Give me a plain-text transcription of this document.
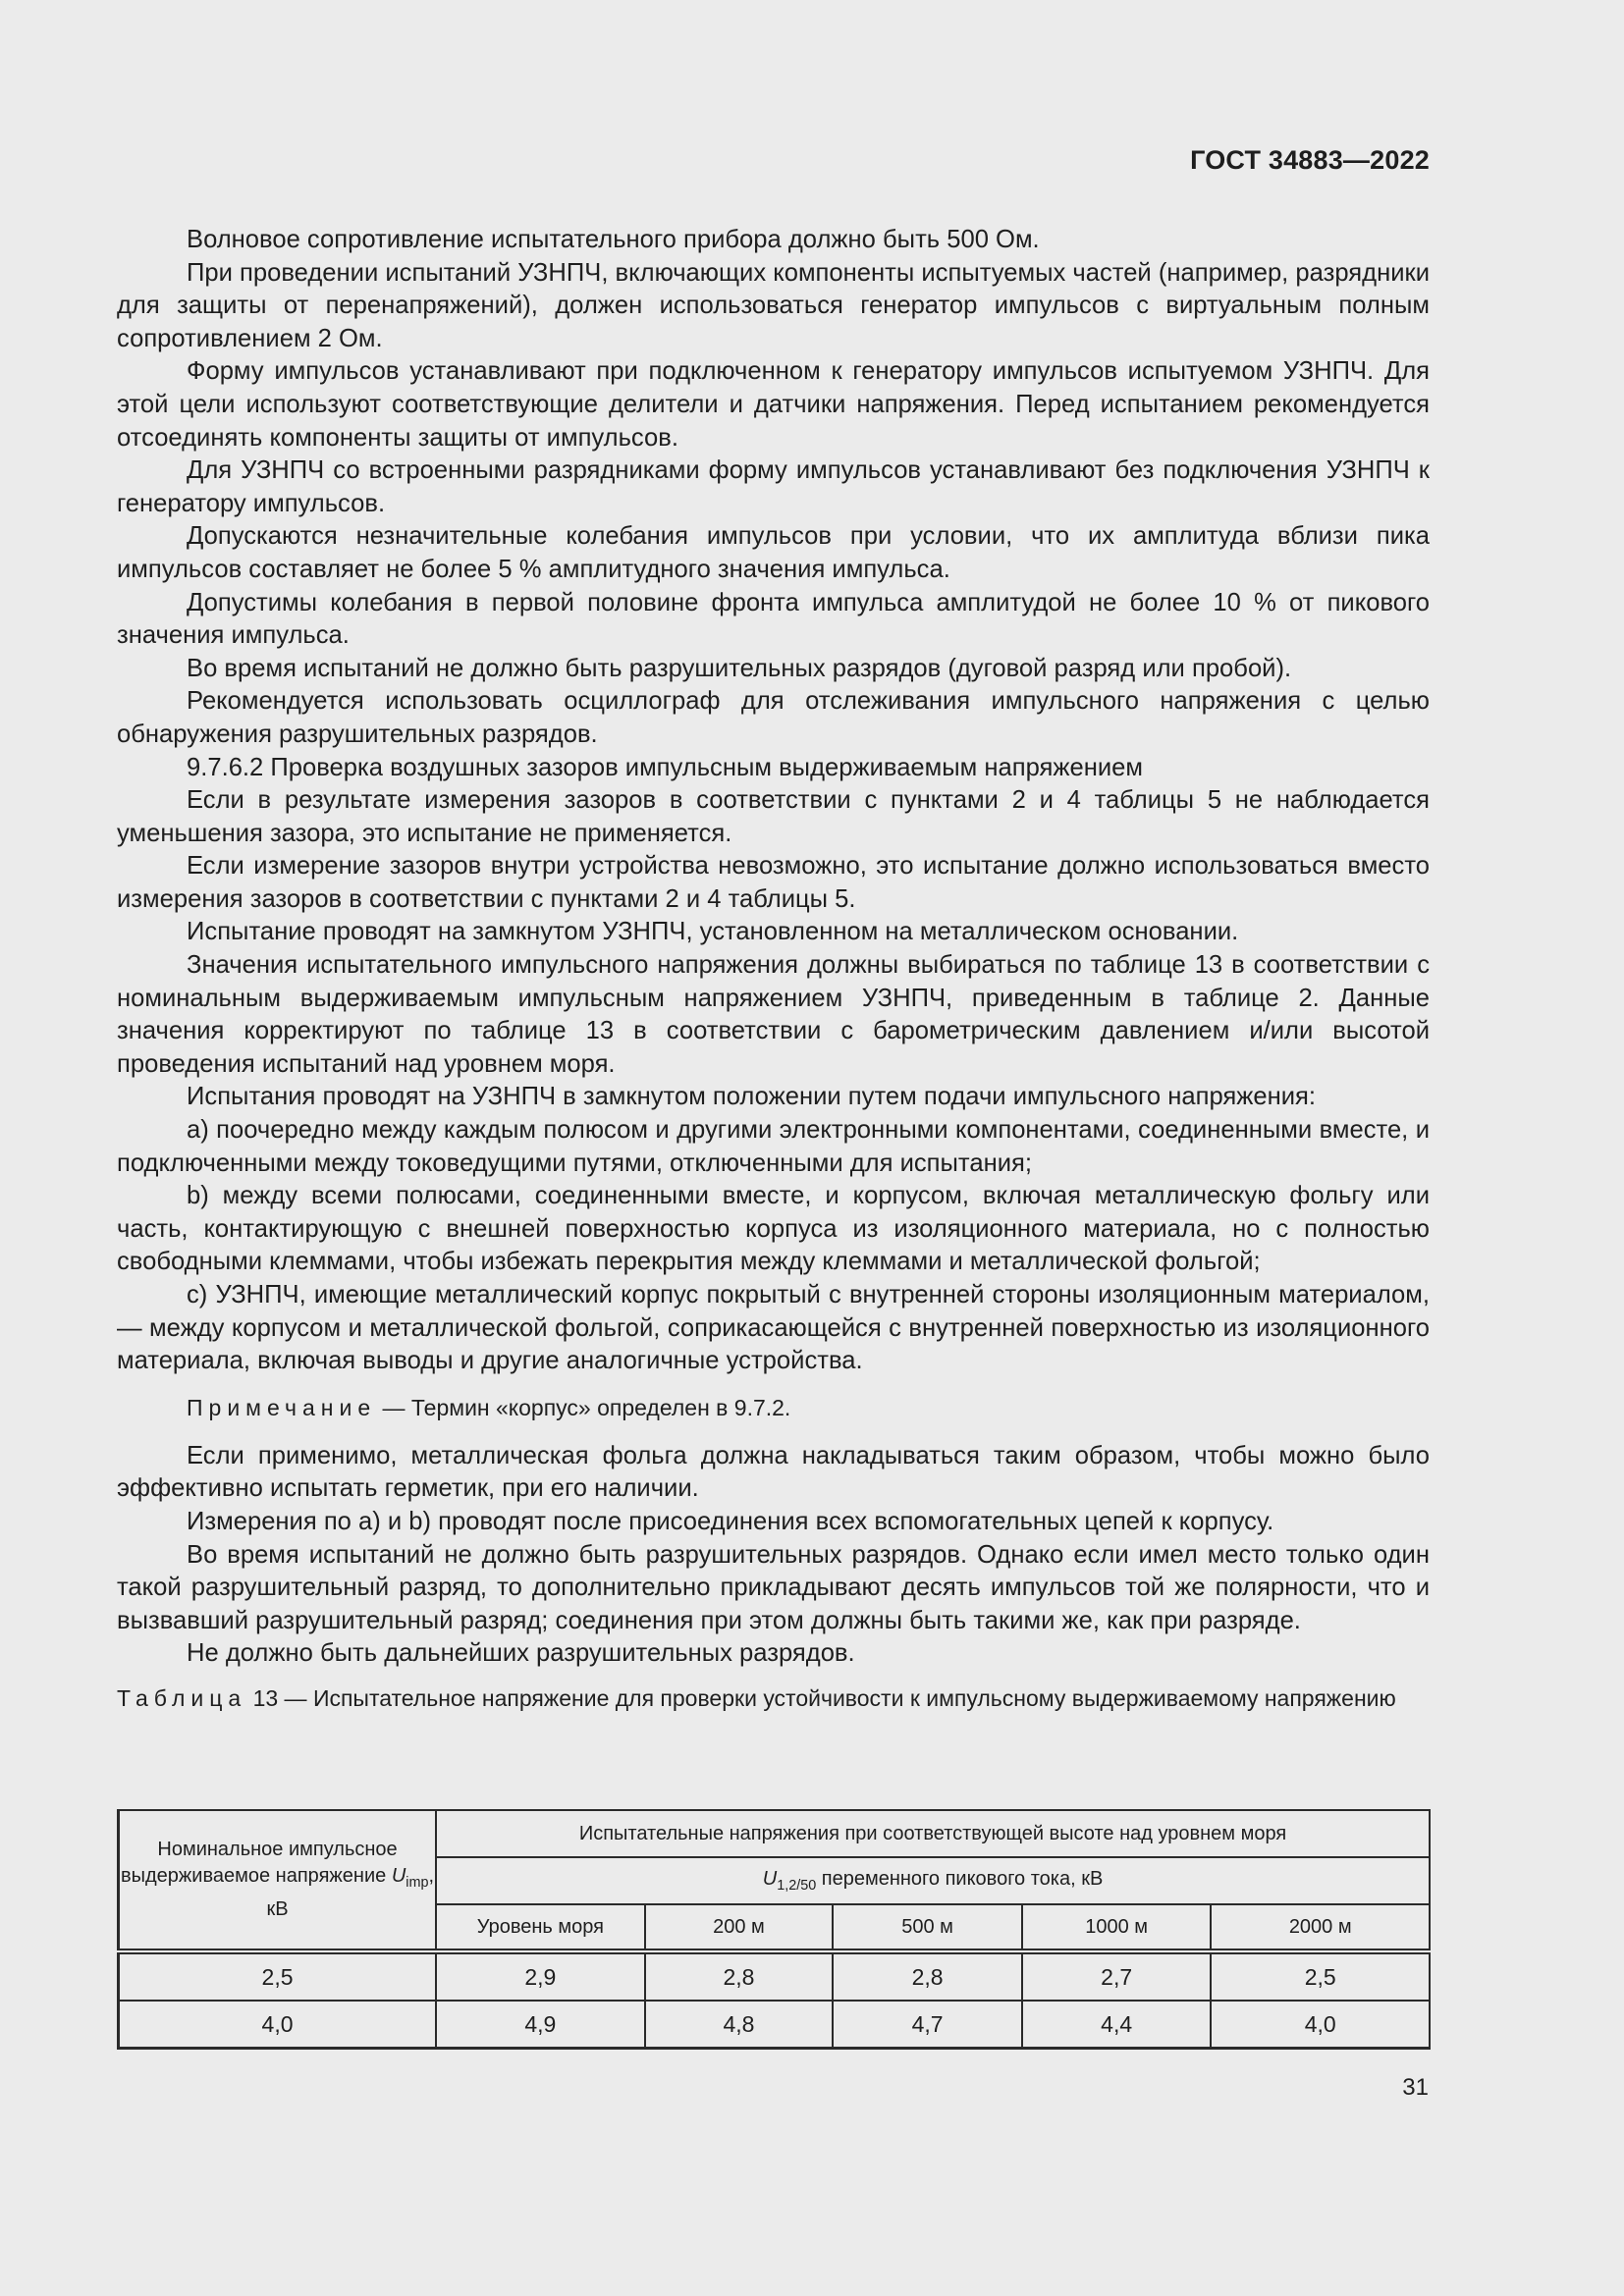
ГОСТ 34883—2022

Волновое сопротивление испытательного прибора должно быть 500 Ом.

При проведении испытаний УЗНПЧ, включающих компоненты испытуемых частей (например, разрядники для защиты от перенапряжений), должен использоваться генератор импульсов с виртуальным полным сопротивлением 2 Ом.

Форму импульсов устанавливают при подключенном к генератору импульсов испытуемом УЗНПЧ. Для этой цели используют соответствующие делители и датчики напряжения. Перед испытанием рекомендуется отсоединять компоненты защиты от импульсов.

Для УЗНПЧ со встроенными разрядниками форму импульсов устанавливают без подключения УЗНПЧ к генератору импульсов.

Допускаются незначительные колебания импульсов при условии, что их амплитуда вблизи пика импульсов составляет не более 5 % амплитудного значения импульса.

Допустимы колебания в первой половине фронта импульса амплитудой не более 10 % от пикового значения импульса.

Во время испытаний не должно быть разрушительных разрядов (дуговой разряд или пробой).

Рекомендуется использовать осциллограф для отслеживания импульсного напряжения с целью обнаружения разрушительных разрядов.

9.7.6.2 Проверка воздушных зазоров импульсным выдерживаемым напряжением

Если в результате измерения зазоров в соответствии с пунктами 2 и 4 таблицы 5 не наблюдается уменьшения зазора, это испытание не применяется.

Если измерение зазоров внутри устройства невозможно, это испытание должно использоваться вместо измерения зазоров в соответствии с пунктами 2 и 4 таблицы 5.

Испытание проводят на замкнутом УЗНПЧ, установленном на металлическом основании.

Значения испытательного импульсного напряжения должны выбираться по таблице 13 в соответствии с номинальным выдерживаемым импульсным напряжением УЗНПЧ, приведенным в таблице 2. Данные значения корректируют по таблице 13 в соответствии с барометрическим давлением и/или высотой проведения испытаний над уровнем моря.

Испытания проводят на УЗНПЧ в замкнутом положении путем подачи импульсного напряжения:

a) поочередно между каждым полюсом и другими электронными компонентами, соединенными вместе, и подключенными между токоведущими путями, отключенными для испытания;

b) между всеми полюсами, соединенными вместе, и корпусом, включая металлическую фольгу или часть, контактирующую с внешней поверхностью корпуса из изоляционного материала, но с полностью свободными клеммами, чтобы избежать перекрытия между клеммами и металлической фольгой;

c) УЗНПЧ, имеющие металлический корпус покрытый с внутренней стороны изоляционным материалом, — между корпусом и металлической фольгой, соприкасающейся с внутренней поверхностью из изоляционного материала, включая выводы и другие аналогичные устройства.

Примечание — Термин «корпус» определен в 9.7.2.

Если применимо, металлическая фольга должна накладываться таким образом, чтобы можно было эффективно испытать герметик, при его наличии.

Измерения по a) и b) проводят после присоединения всех вспомогательных цепей к корпусу.

Во время испытаний не должно быть разрушительных разрядов. Однако если имел место только один такой разрушительный разряд, то дополнительно прикладывают десять импульсов той же полярности, что и вызвавший разрушительный разряд; соединения при этом должны быть такими же, как при разряде.

Не должно быть дальнейших разрушительных разрядов.

Таблица 13 — Испытательное напряжение для проверки устойчивости к импульсному выдерживаемому напряжению
Номинальное импульсное выдерживаемое напряжение $U_{imp}$, кВ	Испытательные напряжения при соответствующей высоте над уровнем моря				
	$U_{1,2/50}$ переменного пикового тока, кВ				
	Уровень моря	200 м	500 м	1000 м	2000 м
2,5	2,9	2,8	2,8	2,7	2,5
4,0	4,9	4,8	4,7	4,4	4,0
31
